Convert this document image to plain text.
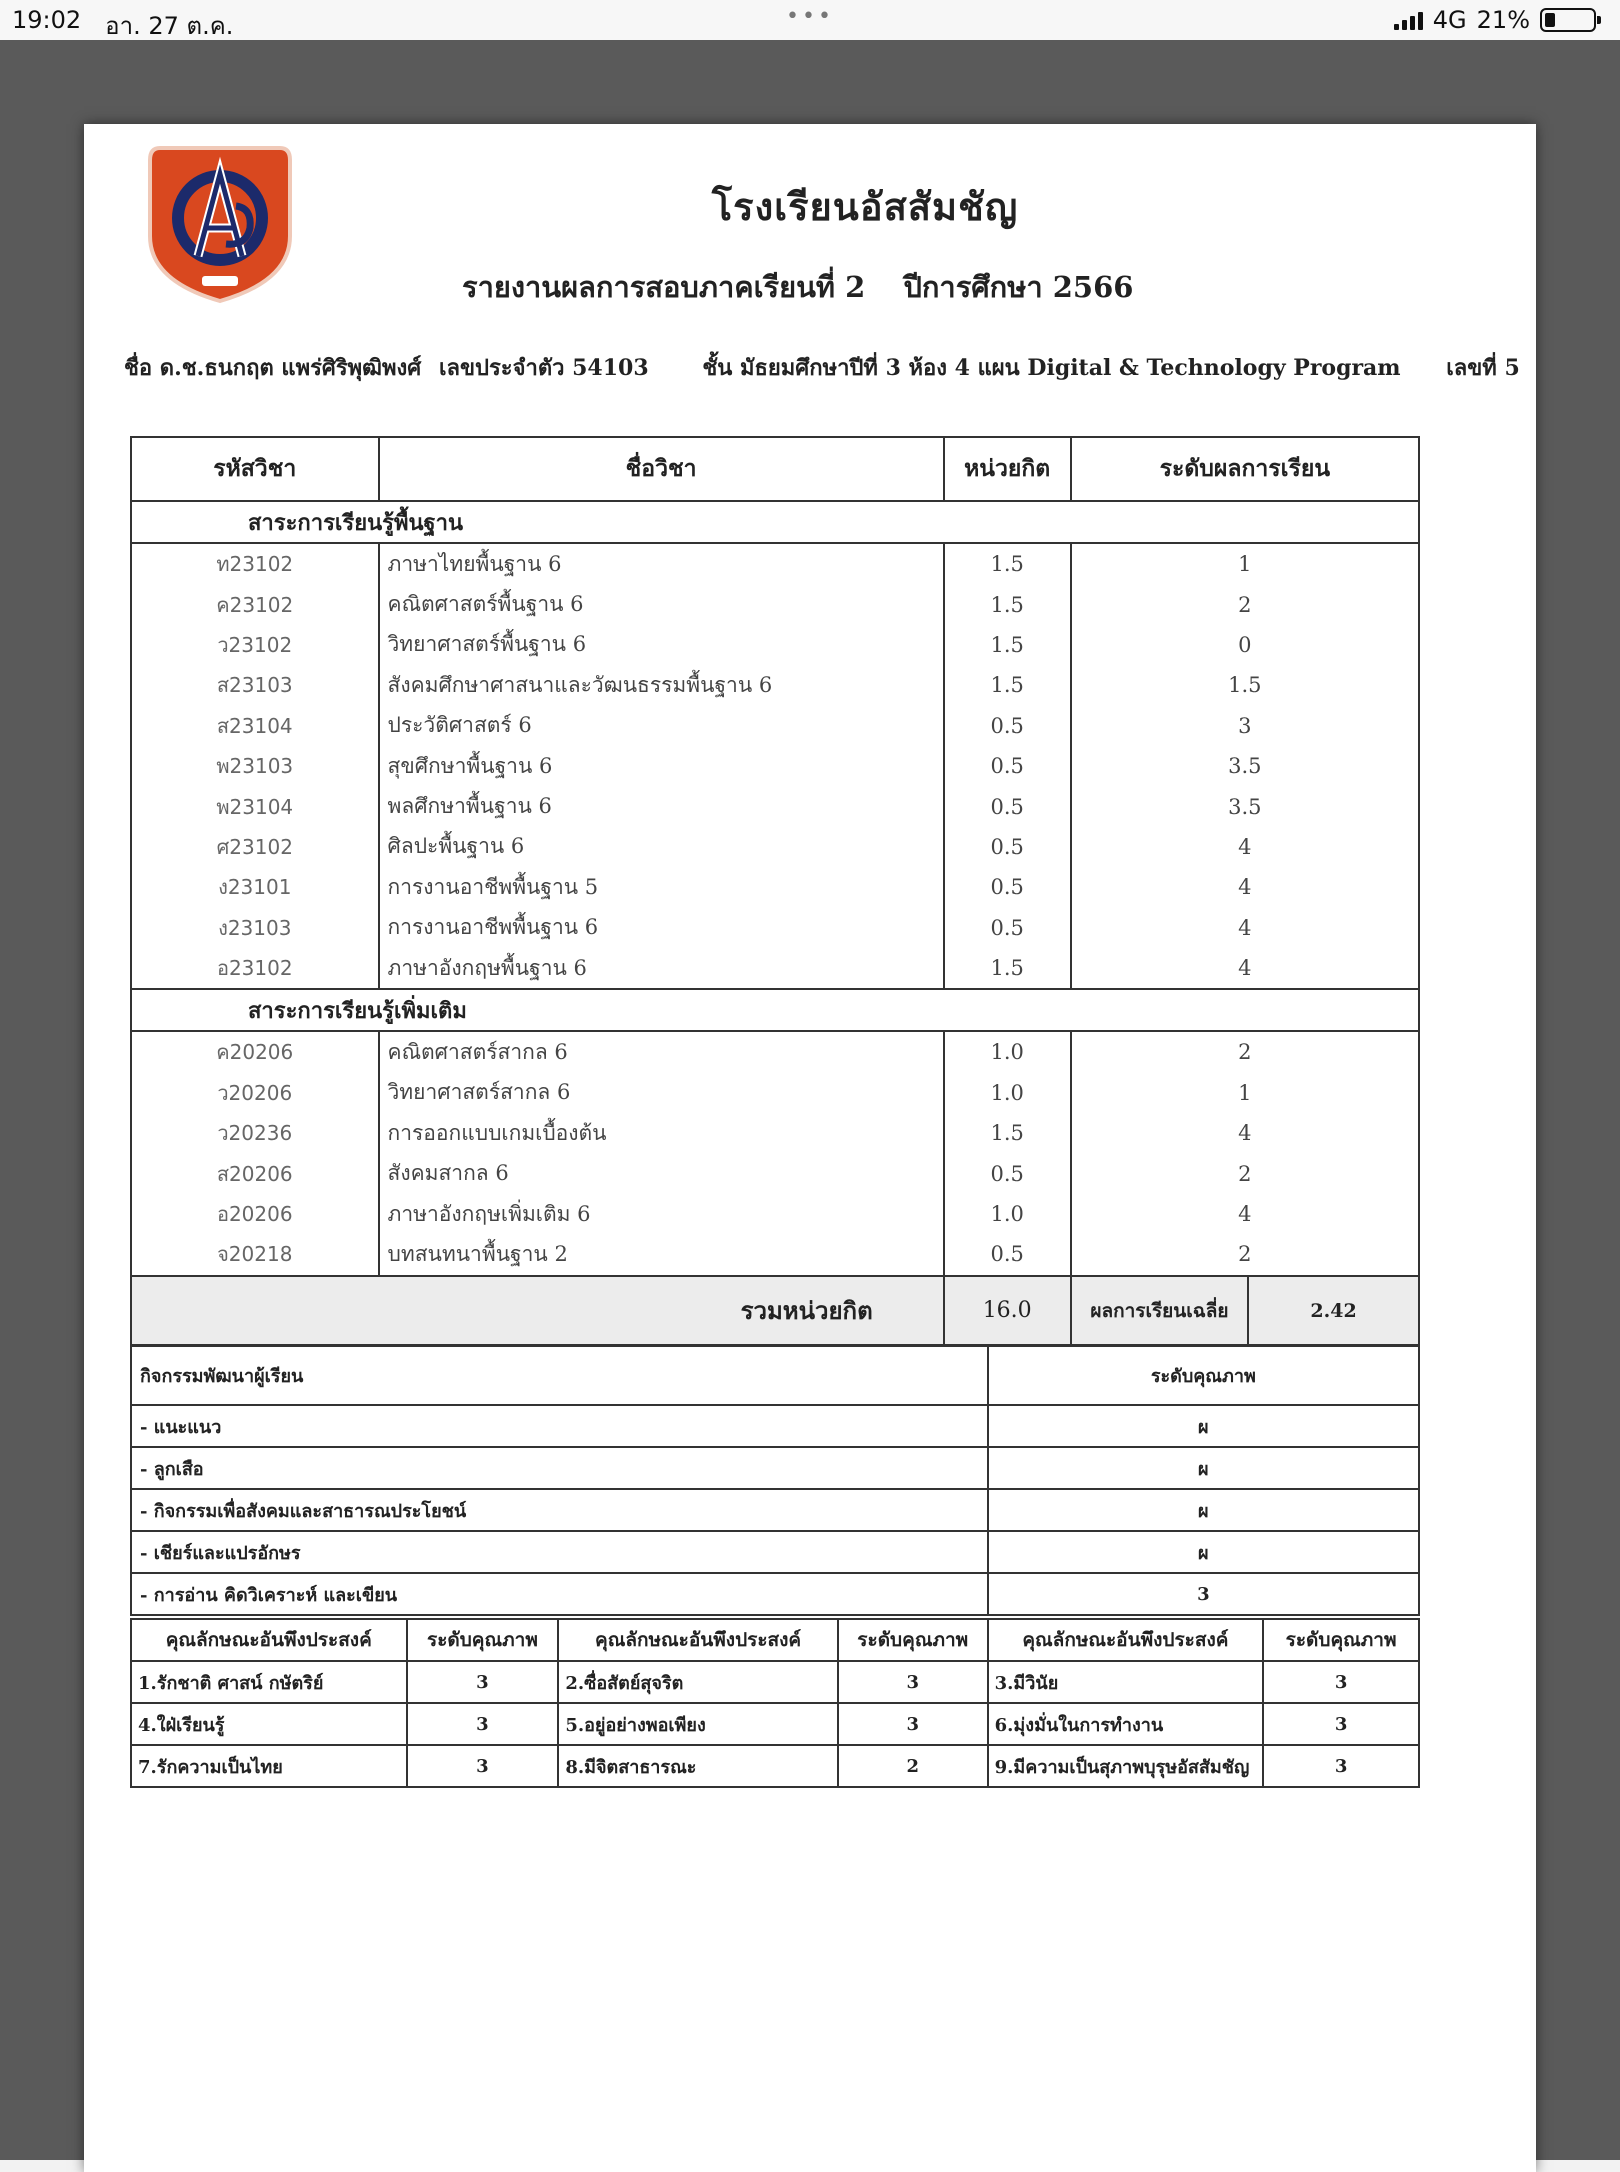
19:02 อา. 27 ต.ค.	•••	4G 21%
โรงเรียนอัสสัมชัญ
รายงานผลการสอบภาคเรียนที่ 2 ปีการศึกษา 2566
ชื่อ ด.ช.ธนกฤต แพร่ศิริพุฒิพงศ์ เลขประจำตัว 54103 ชั้น มัธยมศึกษาปีที่ 3 ห้อง 4 แผน Digital & Technology Program เลขที่ 5
รหัสวิชา	ชื่อวิชา	หน่วยกิต	ระดับผลการเรียน	
สาระการเรียนรู้พื้นฐาน				
ท23102	ภาษาไทยพื้นฐาน 6	1.5	1	
ค23102	คณิตศาสตร์พื้นฐาน 6	1.5	2	
ว23102	วิทยาศาสตร์พื้นฐาน 6	1.5	0	
ส23103	สังคมศึกษาศาสนาและวัฒนธรรมพื้นฐาน 6	1.5	1.5	
ส23104	ประวัติศาสตร์ 6	0.5	3	
พ23103	สุขศึกษาพื้นฐาน 6	0.5	3.5	
พ23104	พลศึกษาพื้นฐาน 6	0.5	3.5	
ศ23102	ศิลปะพื้นฐาน 6	0.5	4	
ง23101	การงานอาชีพพื้นฐาน 5	0.5	4	
ง23103	การงานอาชีพพื้นฐาน 6	0.5	4	
อ23102	ภาษาอังกฤษพื้นฐาน 6	1.5	4	
สาระการเรียนรู้เพิ่มเติม				
ค20206	คณิตศาสตร์สากล 6	1.0	2	
ว20206	วิทยาศาสตร์สากล 6	1.0	1	
ว20236	การออกแบบเกมเบื้องต้น	1.5	4	
ส20206	สังคมสากล 6	0.5	2	
อ20206	ภาษาอังกฤษเพิ่มเติม 6	1.0	4	
จ20218	บทสนทนาพื้นฐาน 2	0.5	2	
รวมหน่วยกิต		16.0	ผลการเรียนเฉลี่ย	2.42
กิจกรรมพัฒนาผู้เรียน	ระดับคุณภาพ
- แนะแนว	ผ
- ลูกเสือ	ผ
- กิจกรรมเพื่อสังคมและสาธารณประโยชน์	ผ
- เชียร์และแปรอักษร	ผ
- การอ่าน คิดวิเคราะห์ และเขียน	3
คุณลักษณะอันพึงประสงค์	ระดับคุณภาพ	คุณลักษณะอันพึงประสงค์	ระดับคุณภาพ	คุณลักษณะอันพึงประสงค์	ระดับคุณภาพ
1.รักชาติ ศาสน์ กษัตริย์	3	2.ซื่อสัตย์สุจริต	3	3.มีวินัย	3
4.ใฝ่เรียนรู้	3	5.อยู่อย่างพอเพียง	3	6.มุ่งมั่นในการทำงาน	3
7.รักความเป็นไทย	3	8.มีจิตสาธารณะ	2	9.มีความเป็นสุภาพบุรุษอัสสัมชัญ	3
